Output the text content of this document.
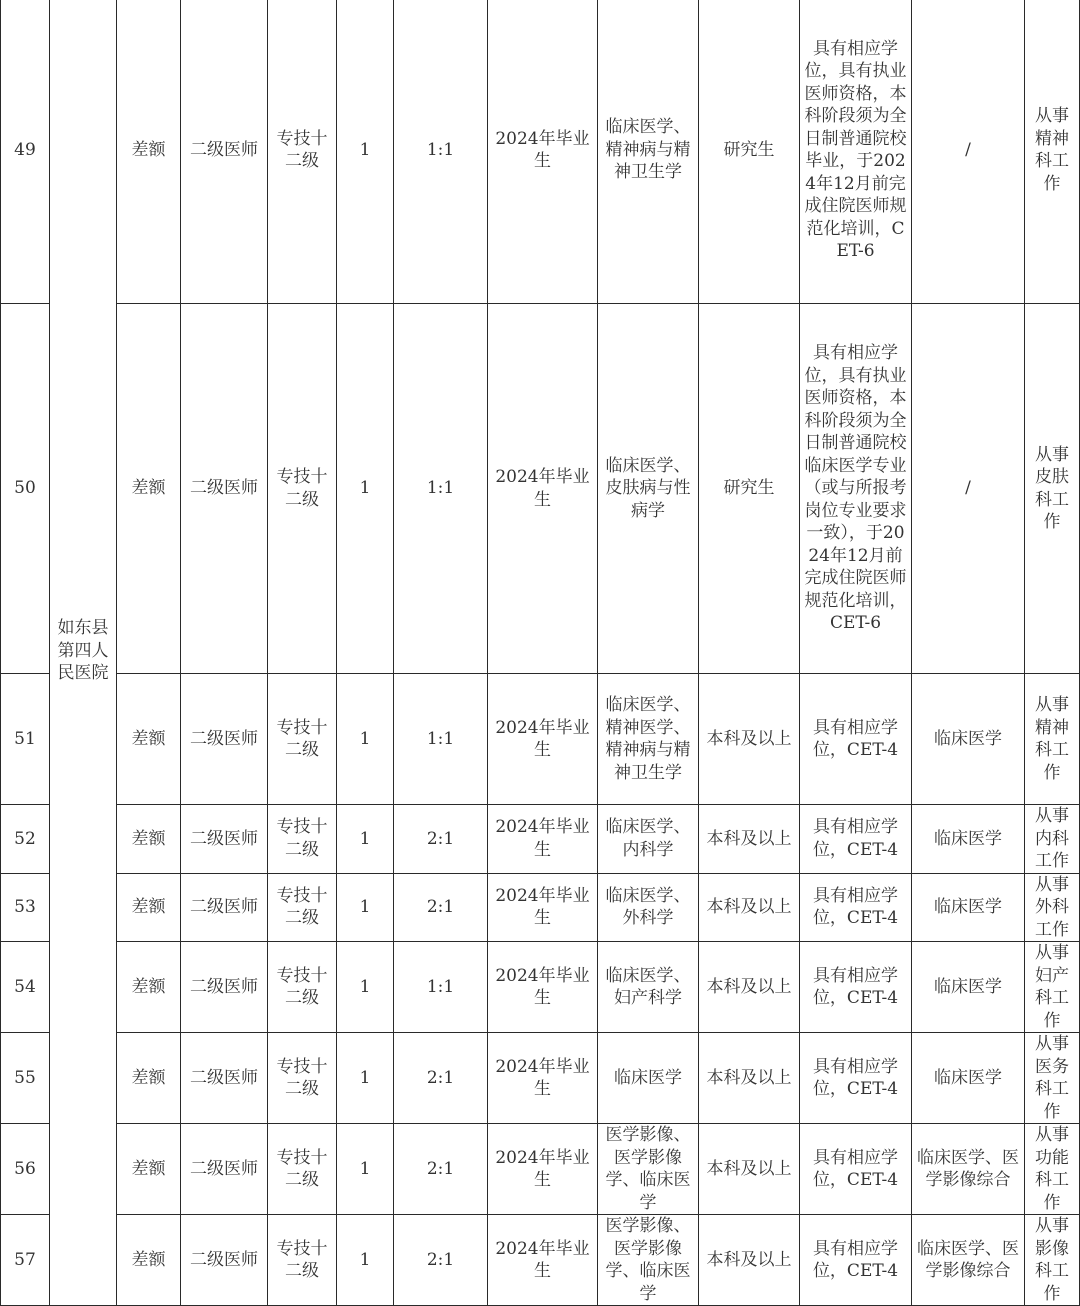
49	如东县第四人民医院	差额	二级医师	专技十二级	1	1:1	2024年毕业生	临床医学、精神病与精神卫生学	研究生	具有相应学位，具有执业医师资格，本科阶段须为全日制普通院校毕业，于2024年12月前完成住院医师规范化培训，CET-6	/	从事精神科工作
50		差额	二级医师	专技十二级	1	1:1	2024年毕业生	临床医学、皮肤病与性病学	研究生	具有相应学位，具有执业医师资格，本科阶段须为全日制普通院校临床医学专业（或与所报考岗位专业要求一致），于2024年12月前完成住院医师规范化培训，CET-6	/	从事皮肤科工作
51		差额	二级医师	专技十二级	1	1:1	2024年毕业生	临床医学、精神医学、精神病与精神卫生学	本科及以上	具有相应学位，CET-4	临床医学	从事精神科工作
52		差额	二级医师	专技十二级	1	2:1	2024年毕业生	临床医学、内科学	本科及以上	具有相应学位，CET-4	临床医学	从事内科工作
53		差额	二级医师	专技十二级	1	2:1	2024年毕业生	临床医学、外科学	本科及以上	具有相应学位，CET-4	临床医学	从事外科工作
54		差额	二级医师	专技十二级	1	1:1	2024年毕业生	临床医学、妇产科学	本科及以上	具有相应学位，CET-4	临床医学	从事妇产科工作
55		差额	二级医师	专技十二级	1	2:1	2024年毕业生	临床医学	本科及以上	具有相应学位，CET-4	临床医学	从事医务科工作
56		差额	二级医师	专技十二级	1	2:1	2024年毕业生	医学影像、医学影像学、临床医学	本科及以上	具有相应学位，CET-4	临床医学、医学影像综合	从事功能科工作
57		差额	二级医师	专技十二级	1	2:1	2024年毕业生	医学影像、医学影像学、临床医学	本科及以上	具有相应学位，CET-4	临床医学、医学影像综合	从事影像科工作
